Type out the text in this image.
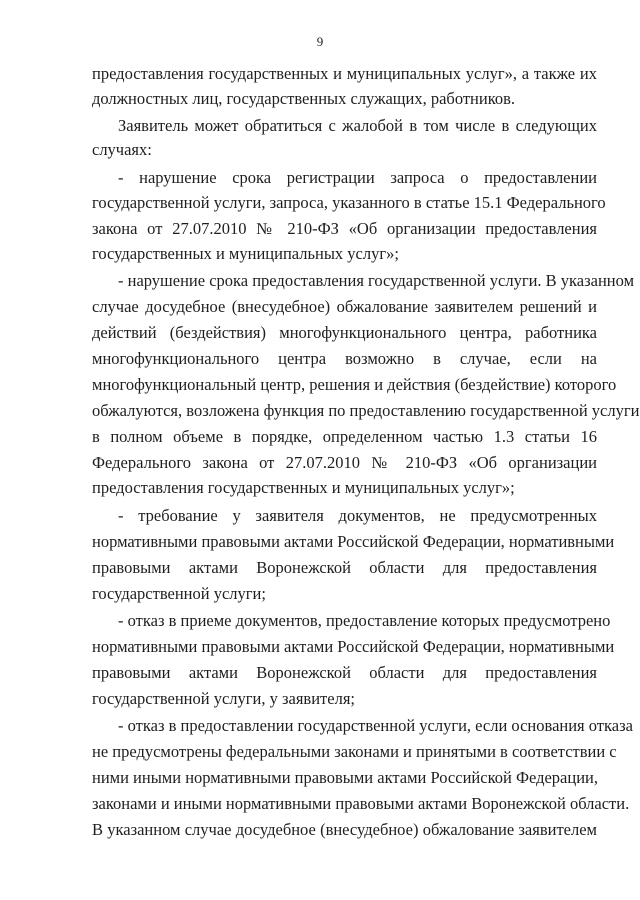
9
предоставления государственных и муниципальных услуг», а также их
должностных лиц, государственных служащих, работников.
Заявитель может обратиться с жалобой в том числе в следующих
случаях:
- нарушение срока регистрации запроса о предоставлении
государственной услуги, запроса, указанного в статье 15.1 Федерального
закона от 27.07.2010 № 210-ФЗ «Об организации предоставления
государственных и муниципальных услуг»;
- нарушение срока предоставления государственной услуги. В указанном
случае досудебное (внесудебное) обжалование заявителем решений и
действий (бездействия) многофункционального центра, работника
многофункционального центра возможно в случае, если на
многофункциональный центр, решения и действия (бездействие) которого
обжалуются, возложена функция по предоставлению государственной услуги
в полном объеме в порядке, определенном частью 1.3 статьи 16
Федерального закона от 27.07.2010 № 210-ФЗ «Об организации
предоставления государственных и муниципальных услуг»;
- требование у заявителя документов, не предусмотренных
нормативными правовыми актами Российской Федерации, нормативными
правовыми актами Воронежской области для предоставления
государственной услуги;
- отказ в приеме документов, предоставление которых предусмотрено
нормативными правовыми актами Российской Федерации, нормативными
правовыми актами Воронежской области для предоставления
государственной услуги, у заявителя;
- отказ в предоставлении государственной услуги, если основания отказа
не предусмотрены федеральными законами и принятыми в соответствии с
ними иными нормативными правовыми актами Российской Федерации,
законами и иными нормативными правовыми актами Воронежской области.
В указанном случае досудебное (внесудебное) обжалование заявителем
